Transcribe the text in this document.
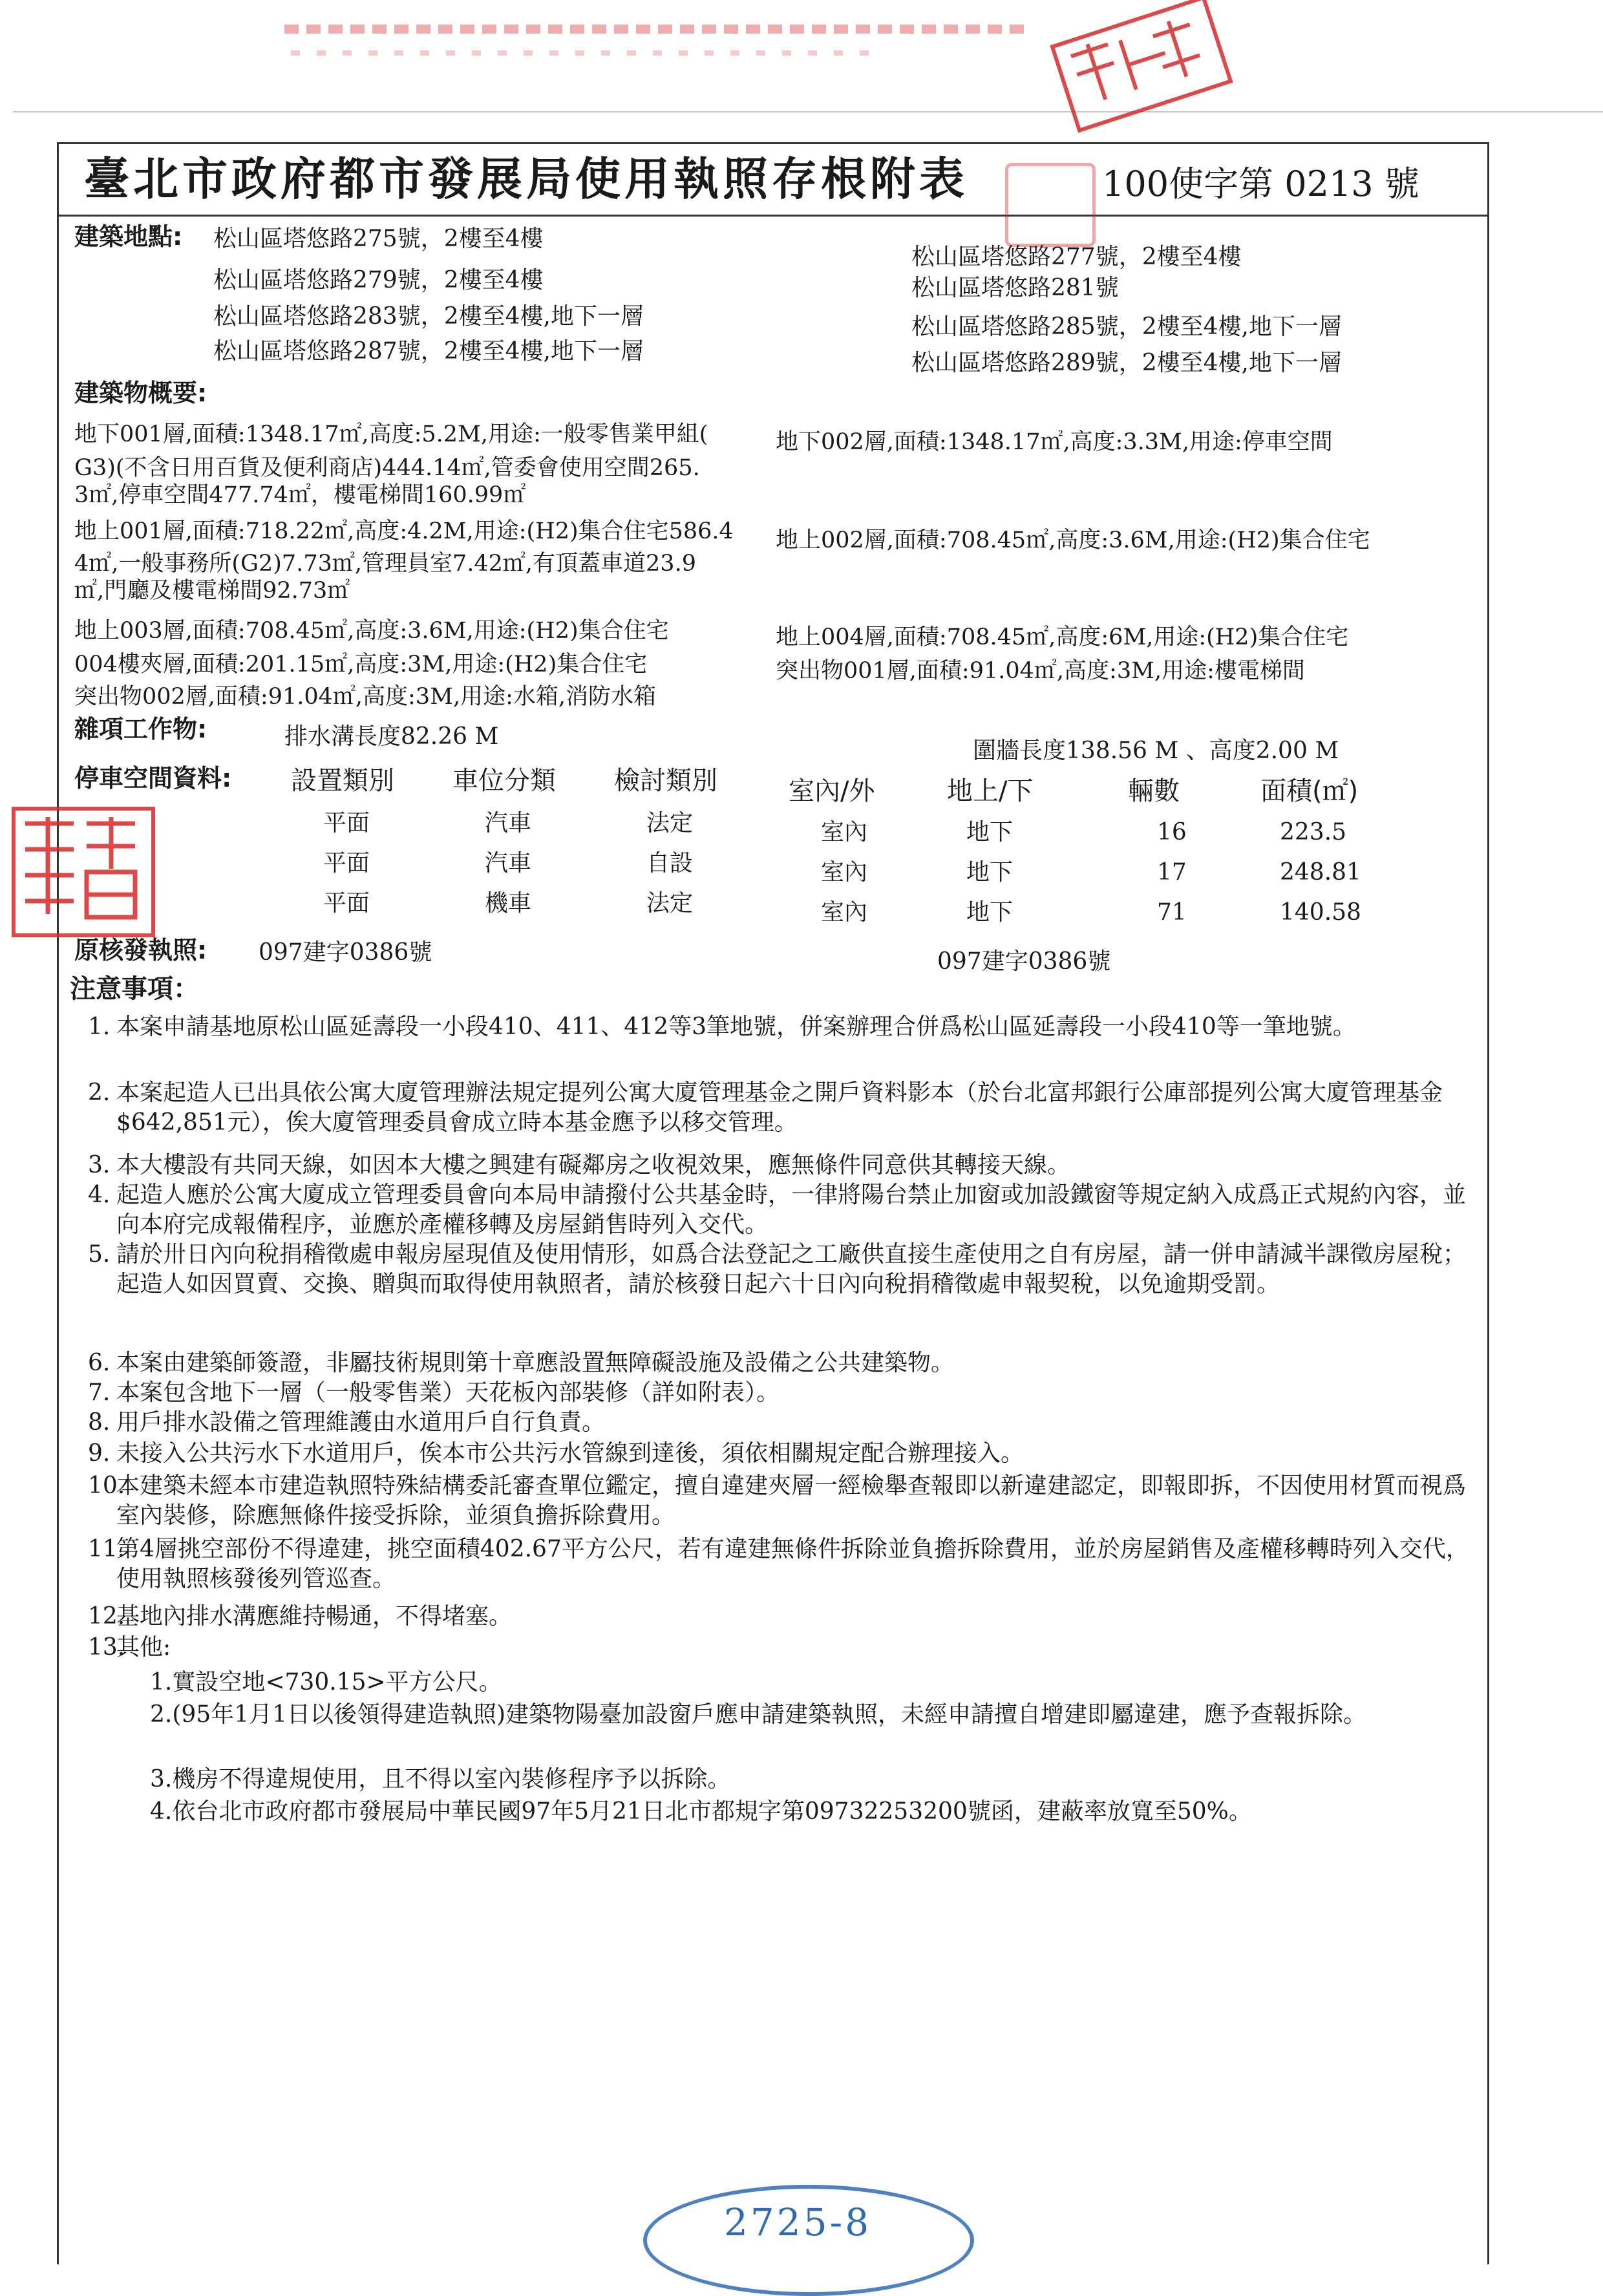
臺北市政府都市發展局使用執照存根附表	100使字第 0213 號
建築地點: 松山區塔悠路275號，2樓至4樓
松山區塔悠路279號，2樓至4樓
松山區塔悠路283號，2樓至4樓,地下一層
松山區塔悠路287號，2樓至4樓,地下一層
松山區塔悠路277號，2樓至4樓
松山區塔悠路281號
松山區塔悠路285號，2樓至4樓,地下一層
松山區塔悠路289號，2樓至4樓,地下一層
建築物概要:
地下001層,面積:1348.17㎡,高度:5.2M,用途:一般零售業甲組(
G3)(不含日用百貨及便利商店)444.14㎡,管委會使用空間265.
3㎡,停車空間477.74㎡，樓電梯間160.99㎡
地上001層,面積:718.22㎡,高度:4.2M,用途:(H2)集合住宅586.4
4㎡,一般事務所(G2)7.73㎡,管理員室7.42㎡,有頂蓋車道23.9
㎡,門廳及樓電梯間92.73㎡
地上003層,面積:708.45㎡,高度:3.6M,用途:(H2)集合住宅
004樓夾層,面積:201.15㎡,高度:3M,用途:(H2)集合住宅
突出物002層,面積:91.04㎡,高度:3M,用途:水箱,消防水箱
地下002層,面積:1348.17㎡,高度:3.3M,用途:停車空間
地上002層,面積:708.45㎡,高度:3.6M,用途:(H2)集合住宅
地上004層,面積:708.45㎡,高度:6M,用途:(H2)集合住宅
突出物001層,面積:91.04㎡,高度:3M,用途:樓電梯間
雜項工作物:	排水溝長度82.26 M
圍牆長度138.56 M 、高度2.00 M
停車空間資料: 設置類別 車位分類 檢討類別	室內/外	地上/下	輛數	面積(㎡)
平面	汽車	法定	室內	地下	16	223.5
平面	汽車	自設	室內	地下	17	248.81
平面	機車	法定	室內	地下	71	140.58
原核發執照: 097建字0386號	097建字0386號
注意事項：
1. 本案申請基地原松山區延壽段一小段410、411、412等3筆地號，併案辦理合併爲松山區延壽段一小段410等一筆地號。
2. 本案起造人已出具依公寓大廈管理辦法規定提列公寓大廈管理基金之開戶資料影本（於台北富邦銀行公庫部提列公寓大廈管理基金$642,851元），俟大廈管理委員會成立時本基金應予以移交管理。
3. 本大樓設有共同天線，如因本大樓之興建有礙鄰房之收視效果，應無條件同意供其轉接天線。
4. 起造人應於公寓大廈成立管理委員會向本局申請撥付公共基金時，一律將陽台禁止加窗或加設鐵窗等規定納入成爲正式規約內容，並向本府完成報備程序，並應於產權移轉及房屋銷售時列入交代。
5. 請於卅日內向稅捐稽徵處申報房屋現值及使用情形，如爲合法登記之工廠供直接生產使用之自有房屋，請一併申請減半課徵房屋稅；起造人如因買賣、交換、贈與而取得使用執照者，請於核發日起六十日內向稅捐稽徵處申報契稅，以免逾期受罰。
6. 本案由建築師簽證，非屬技術規則第十章應設置無障礙設施及設備之公共建築物。
7. 本案包含地下一層（一般零售業）天花板內部裝修（詳如附表）。
8. 用戶排水設備之管理維護由水道用戶自行負責。
9. 未接入公共污水下水道用戶，俟本市公共污水管線到達後，須依相關規定配合辦理接入。
10.
本建築未經本市建造執照特殊結構委託審查單位鑑定，擅自違建夾層一經檢舉查報即以新違建認定，即報即拆，不因使用材質而視爲室內裝修，除應無條件接受拆除，並須負擔拆除費用。
11.
第4層挑空部份不得違建，挑空面積402.67平方公尺，若有違建無條件拆除並負擔拆除費用，並於房屋銷售及產權移轉時列入交代，使用執照核發後列管巡查。
12.
基地內排水溝應維持暢通，不得堵塞。
13.
其他:
1.實設空地<730.15>平方公尺。
2.(95年1月1日以後領得建造執照)建築物陽臺加設窗戶應申請建築執照，未經申請擅自增建即屬違建，應予查報拆除。
3.機房不得違規使用，且不得以室內裝修程序予以拆除。
4.依台北市政府都市發展局中華民國97年5月21日北市都規字第09732253200號函，建蔽率放寬至50%。
2725-8
